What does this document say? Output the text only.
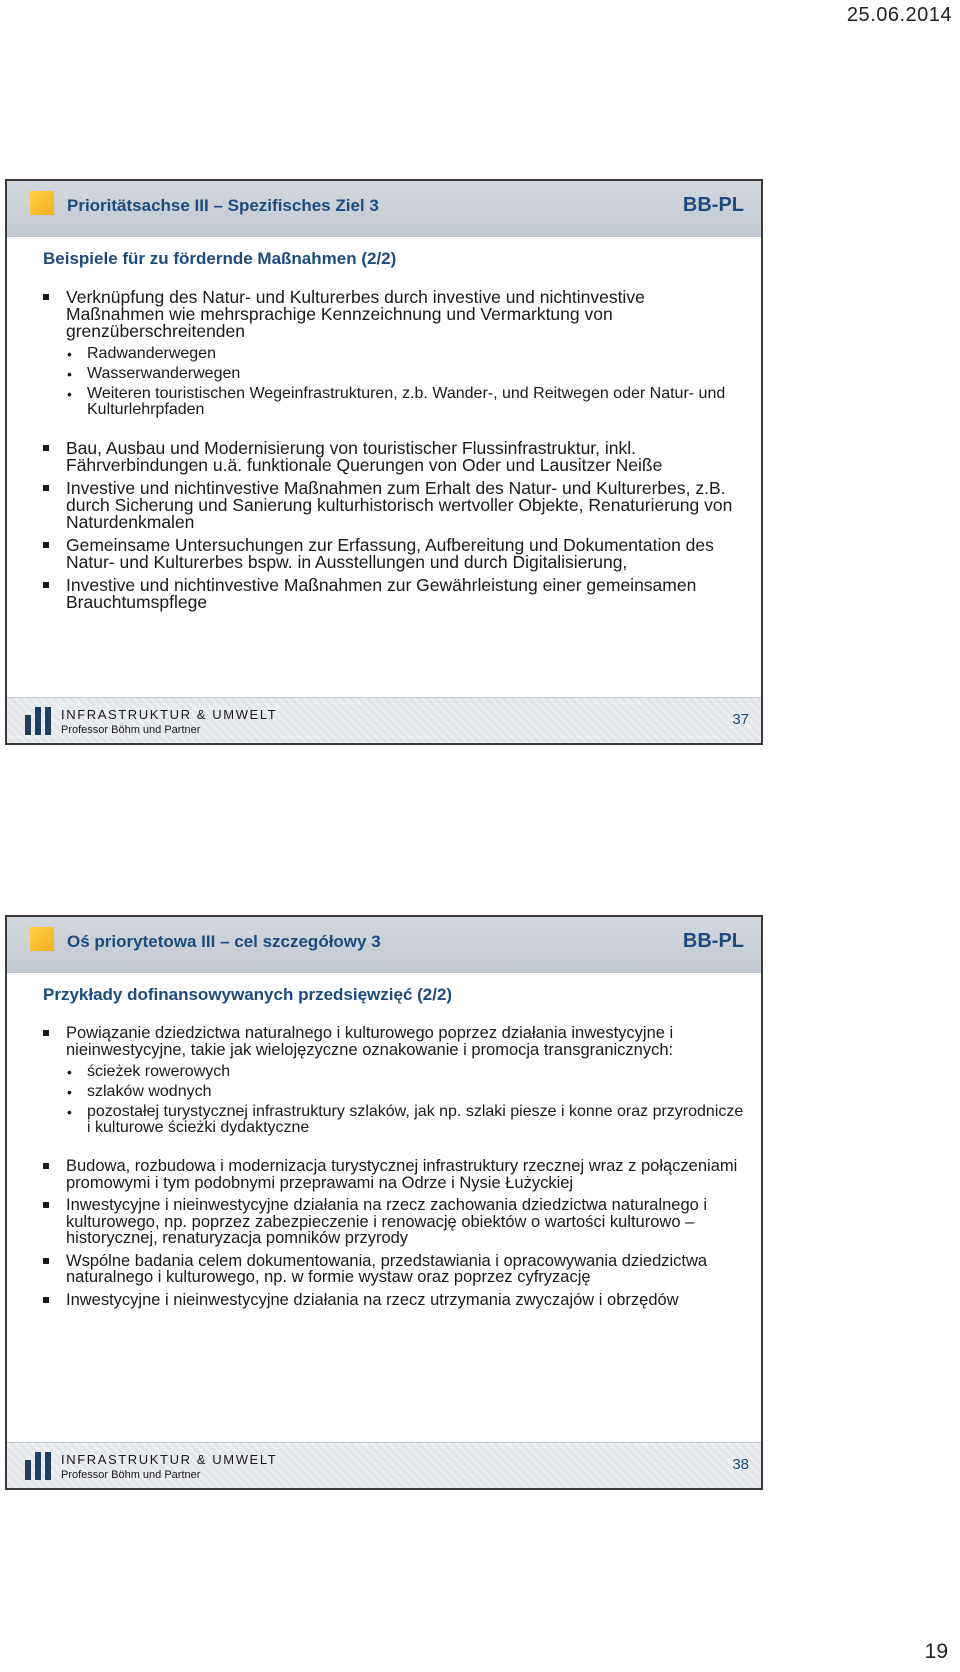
25.06.2014
Prioritätsachse III – Spezifisches Ziel 3	BB-PL
Beispiele für zu fördernde Maßnahmen (2/2)
Verknüpfung des Natur- und Kulturerbes durch investive und nichtinvestive Maßnahmen wie mehrsprachige Kennzeichnung und Vermarktung von grenzüberschreitenden
• Radwanderwegen
• Wasserwanderwegen
• Weiteren touristischen Wegeinfrastrukturen, z.b. Wander-, und Reitwegen oder Natur- und Kulturlehrpfaden
Bau, Ausbau und Modernisierung von touristischer Flussinfrastruktur, inkl. Fährverbindungen u.ä. funktionale Querungen von Oder und Lausitzer Neiße
Investive und nichtinvestive Maßnahmen zum Erhalt des Natur- und Kulturerbes, z.B. durch Sicherung und Sanierung kulturhistorisch wertvoller Objekte, Renaturierung von Naturdenkmalen
Gemeinsame Untersuchungen zur Erfassung, Aufbereitung und Dokumentation des Natur- und Kulturerbes bspw. in Ausstellungen und durch Digitalisierung,
Investive und nichtinvestive Maßnahmen zur Gewährleistung einer gemeinsamen Brauchtumspflege
INFRASTRUKTUR & UMWELT
Professor Böhm und Partner
37
Oś priorytetowa III – cel szczegółowy 3	BB-PL
Przykłady dofinansowywanych przedsięwzięć (2/2)
Powiązanie dziedzictwa naturalnego i kulturowego poprzez działania inwestycyjne i nieinwestycyjne, takie jak wielojęzyczne oznakowanie i promocja transgranicznych:
• ścieżek rowerowych
• szlaków wodnych
• pozostałej turystycznej infrastruktury szlaków, jak np. szlaki piesze i konne oraz przyrodnicze i kulturowe ścieżki dydaktyczne
Budowa, rozbudowa i modernizacja turystycznej infrastruktury rzecznej wraz z połączeniami promowymi i tym podobnymi przeprawami na Odrze i Nysie Łużyckiej
Inwestycyjne i nieinwestycyjne działania na rzecz zachowania dziedzictwa naturalnego i kulturowego, np. poprzez zabezpieczenie i renowację obiektów o wartości kulturowo – historycznej, renaturyzacja pomników przyrody
Wspólne badania celem dokumentowania, przedstawiania i opracowywania dziedzictwa naturalnego i kulturowego, np. w formie wystaw oraz poprzez cyfryzację
Inwestycyjne i nieinwestycyjne działania na rzecz utrzymania zwyczajów i obrzędów
INFRASTRUKTUR & UMWELT
Professor Böhm und Partner
38
19
